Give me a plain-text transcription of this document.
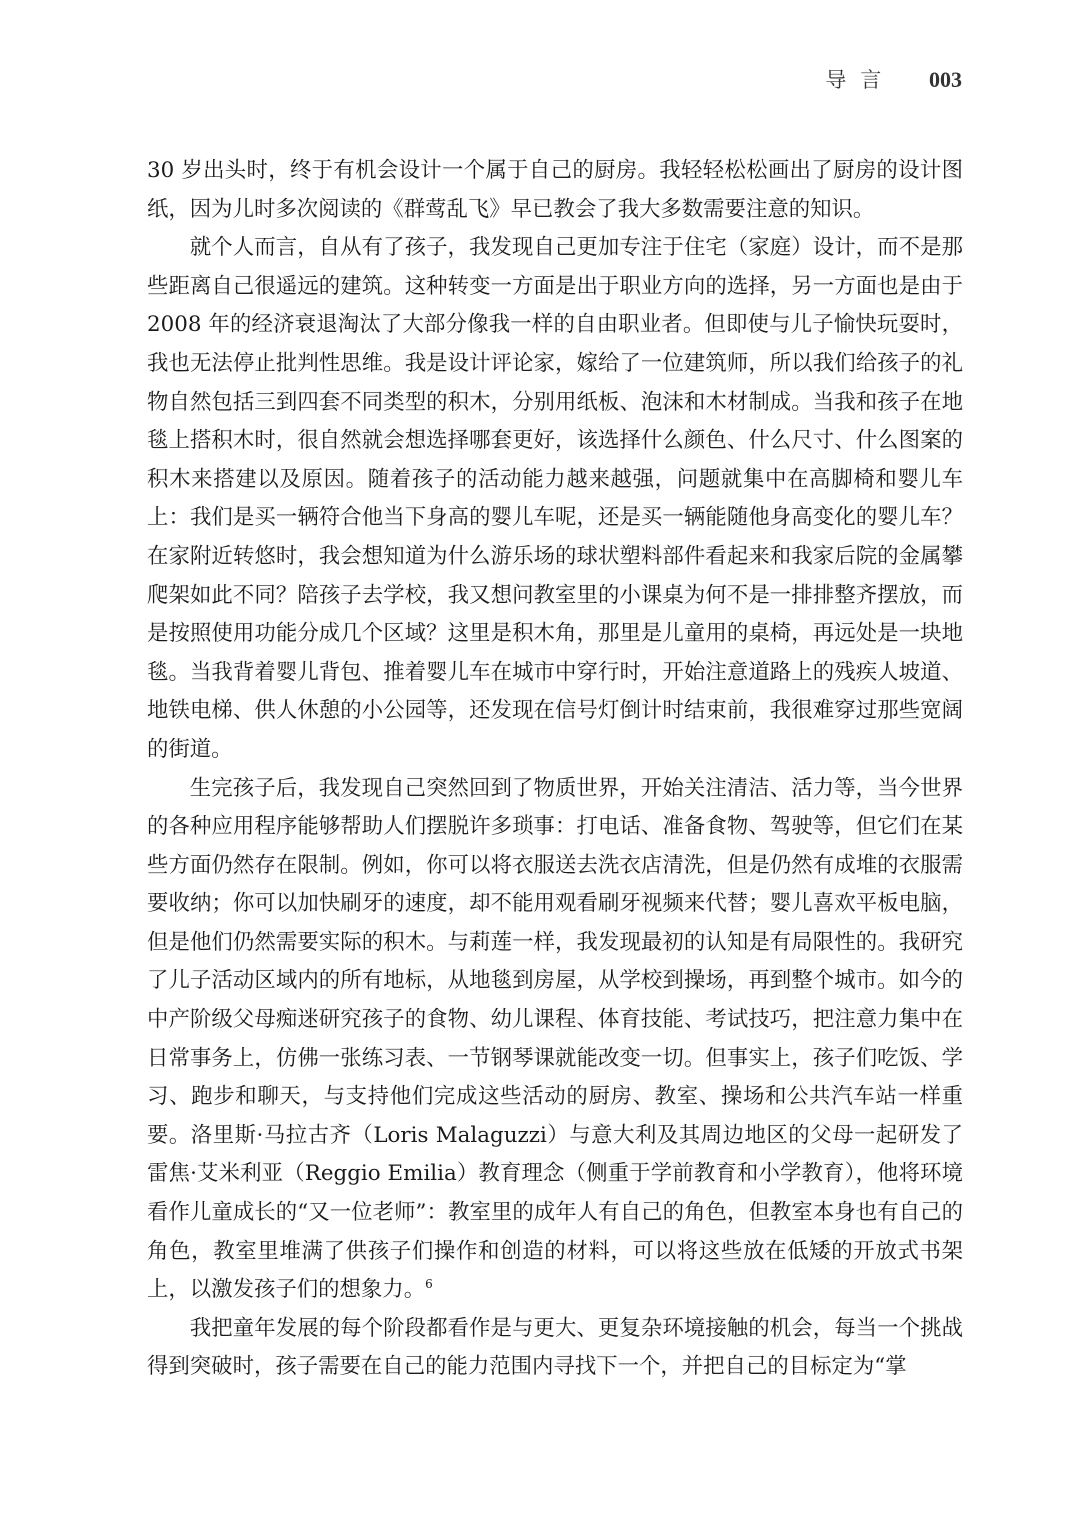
导言 003

30 岁出头时，终于有机会设计一个属于自己的厨房。我轻轻松松画出了厨房的设计图纸，因为儿时多次阅读的《群莺乱飞》早已教会了我大多数需要注意的知识。

就个人而言，自从有了孩子，我发现自己更加专注于住宅（家庭）设计，而不是那些距离自己很遥远的建筑。这种转变一方面是出于职业方向的选择，另一方面也是由于 2008 年的经济衰退淘汰了大部分像我一样的自由职业者。但即使与儿子愉快玩耍时，我也无法停止批判性思维。我是设计评论家，嫁给了一位建筑师，所以我们给孩子的礼物自然包括三到四套不同类型的积木，分别用纸板、泡沫和木材制成。当我和孩子在地毯上搭积木时，很自然就会想选择哪套更好，该选择什么颜色、什么尺寸、什么图案的积木来搭建以及原因。随着孩子的活动能力越来越强，问题就集中在高脚椅和婴儿车上：我们是买一辆符合他当下身高的婴儿车呢，还是买一辆能随他身高变化的婴儿车？在家附近转悠时，我会想知道为什么游乐场的球状塑料部件看起来和我家后院的金属攀爬架如此不同？陪孩子去学校，我又想问教室里的小课桌为何不是一排排整齐摆放，而是按照使用功能分成几个区域？这里是积木角，那里是儿童用的桌椅，再远处是一块地毯。当我背着婴儿背包、推着婴儿车在城市中穿行时，开始注意道路上的残疾人坡道、地铁电梯、供人休憩的小公园等，还发现在信号灯倒计时结束前，我很难穿过那些宽阔的街道。

生完孩子后，我发现自己突然回到了物质世界，开始关注清洁、活力等，当今世界的各种应用程序能够帮助人们摆脱许多琐事：打电话、准备食物、驾驶等，但它们在某些方面仍然存在限制。例如，你可以将衣服送去洗衣店清洗，但是仍然有成堆的衣服需要收纳；你可以加快刷牙的速度，却不能用观看刷牙视频来代替；婴儿喜欢平板电脑，但是他们仍然需要实际的积木。与莉莲一样，我发现最初的认知是有局限性的。我研究了儿子活动区域内的所有地标，从地毯到房屋，从学校到操场，再到整个城市。如今的中产阶级父母痴迷研究孩子的食物、幼儿课程、体育技能、考试技巧，把注意力集中在日常事务上，仿佛一张练习表、一节钢琴课就能改变一切。但事实上，孩子们吃饭、学习、跑步和聊天，与支持他们完成这些活动的厨房、教室、操场和公共汽车站一样重要。洛里斯·马拉古齐（Loris Malaguzzi）与意大利及其周边地区的父母一起研发了雷焦·艾米利亚（Reggio Emilia）教育理念（侧重于学前教育和小学教育），他将环境看作儿童成长的“又一位老师”：教室里的成年人有自己的角色，但教室本身也有自己的角色，教室里堆满了供孩子们操作和创造的材料，可以将这些放在低矮的开放式书架上，以激发孩子们的想象力。$^6$

我把童年发展的每个阶段都看作是与更大、更复杂环境接触的机会，每当一个挑战得到突破时，孩子需要在自己的能力范围内寻找下一个，并把自己的目标定为“掌
